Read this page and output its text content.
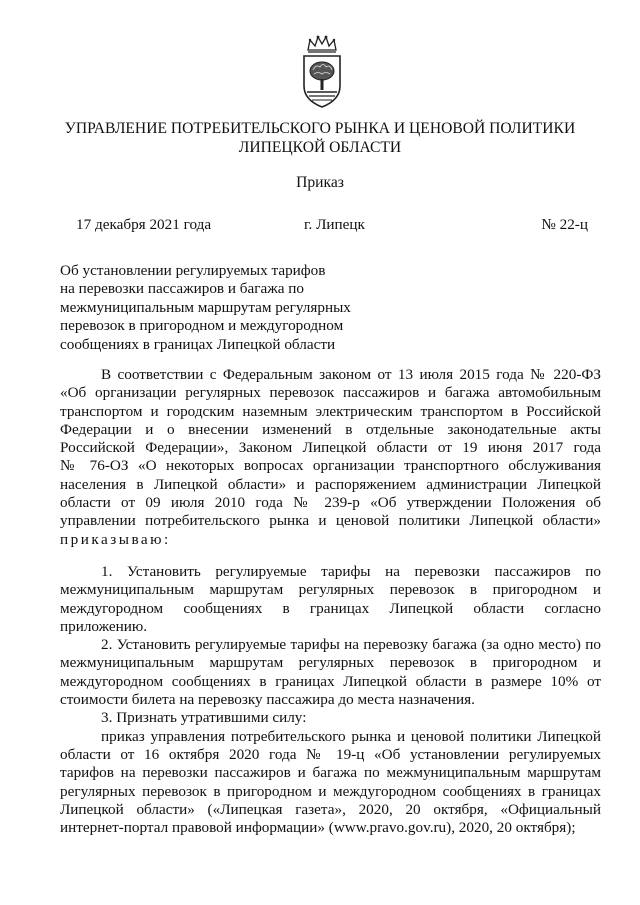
УПРАВЛЕНИЕ ПОТРЕБИТЕЛЬСКОГО РЫНКА И ЦЕНОВОЙ ПОЛИТИКИ
ЛИПЕЦКОЙ ОБЛАСТИ
Приказ
17 декабря 2021 года	г. Липецк	№ 22-ц
Об установлении регулируемых тарифов
на перевозки пассажиров и багажа по
межмуниципальным маршрутам регулярных
перевозок в пригородном и междугородном
сообщениях в границах Липецкой области
В соответствии с Федеральным законом от 13 июля 2015 года № 220-ФЗ
«Об организации регулярных перевозок пассажиров и багажа автомобильным
транспортом и городским наземным электрическим транспортом в Российской
Федерации и о внесении изменений в отдельные законодательные акты
Российской Федерации», Законом Липецкой области от 19 июня 2017 года
№ 76-ОЗ «О некоторых вопросах организации транспортного обслуживания
населения в Липецкой области» и распоряжением администрации Липецкой
области от 09 июля 2010 года № 239-р «Об утверждении Положения об
управлении потребительского рынка и ценовой политики Липецкой области»
приказываю:
1. Установить регулируемые тарифы на перевозки пассажиров по
межмуниципальным маршрутам регулярных перевозок в пригородном и
междугородном сообщениях в границах Липецкой области согласно
приложению.
2. Установить регулируемые тарифы на перевозку багажа (за одно место) по
межмуниципальным маршрутам регулярных перевозок в пригородном и
междугородном сообщениях в границах Липецкой области в размере 10% от
стоимости билета на перевозку пассажира до места назначения.
3. Признать утратившими силу:
приказ управления потребительского рынка и ценовой политики Липецкой
области от 16 октября 2020 года № 19-ц «Об установлении регулируемых
тарифов на перевозки пассажиров и багажа по межмуниципальным маршрутам
регулярных перевозок в пригородном и междугородном сообщениях в границах
Липецкой области» («Липецкая газета», 2020, 20 октября, «Официальный
интернет-портал правовой информации» (www.pravo.gov.ru), 2020, 20 октября);
